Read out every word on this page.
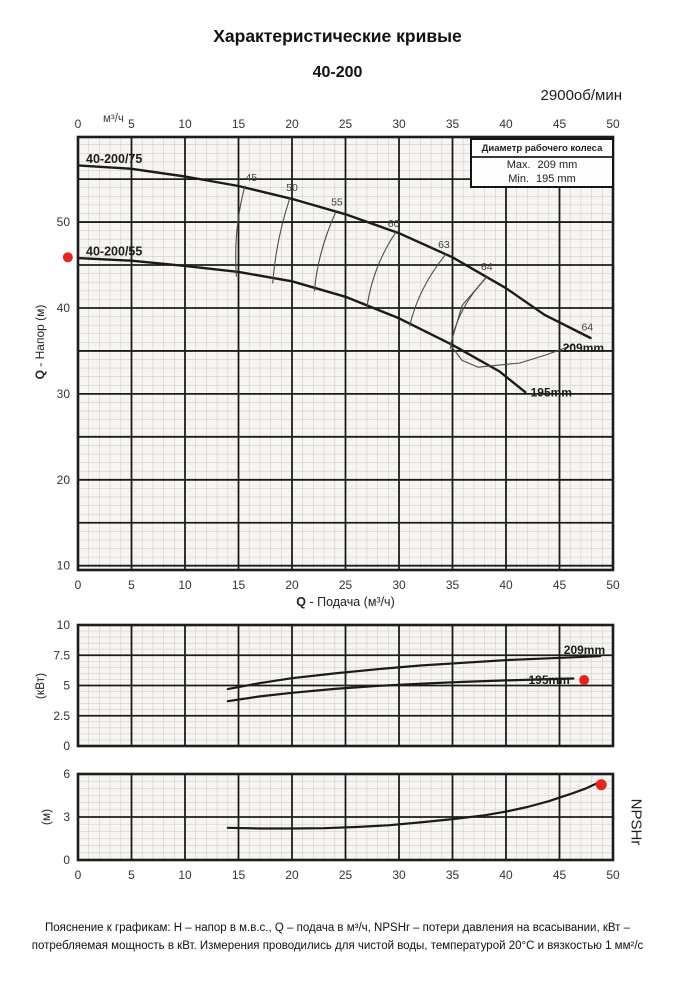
40-200/75
40-200/55
45
50
55
60
63
64
64
209mm
195mm
м³/ч
0	5	10	15	20	25	30	35	40	45	50
0	5	10	15	20	25	30	35	40	45	50
10
20
30
40
50
209mm
195mm
0
2.5
5
7.5
10
0	5	10	15	20	25	30	35	40	45	50
0
3
6
Характеристические кривые
40-200
2900об/мин
Диаметр рабочего колеса
Max. 209 mm
Min. 195 mm
Q - Напор (м)
(кВт)
(м)	NPSHr
Q - Подача (м³/ч)
Пояснение к графикам: Н – напор в м.в.с., Q – подача в м³/ч, NPSHr – потери давления на всасывании, кВт – потребляемая мощность в кВт. Измерения проводились для чистой воды, температурой 20°С и вязкостью 1 мм²/с
